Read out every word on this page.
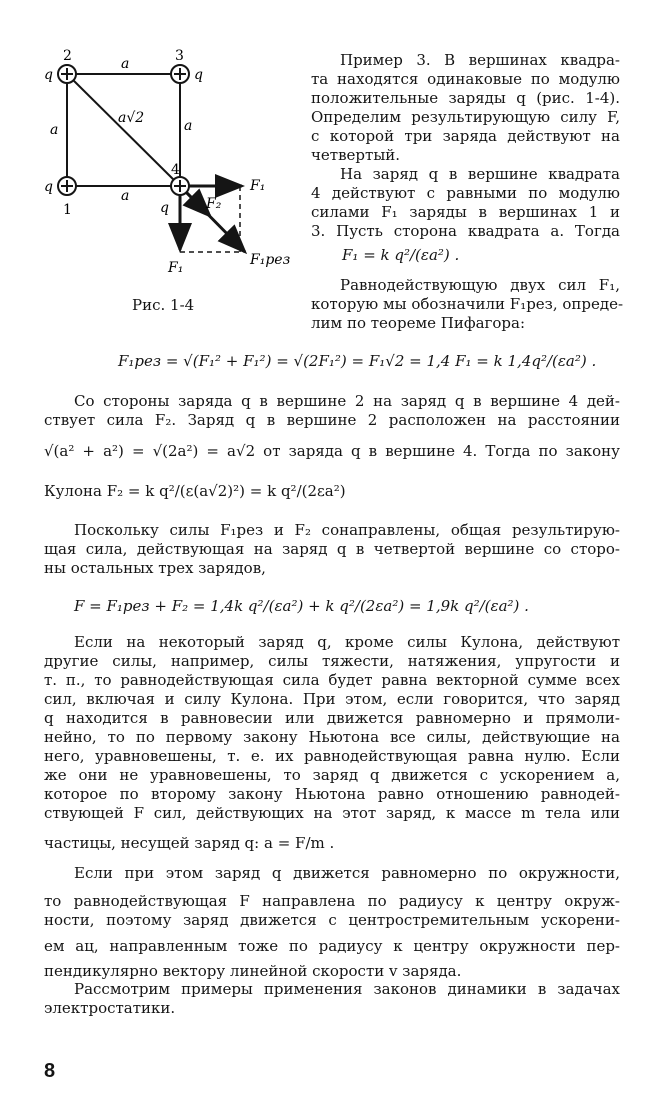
2	3
4
1
q	q
q
q
a
a	a
a
a√2
F₁
F₁
F₂
F₁рез
Рис. 1-4
Пример 3. В вершинах квадра-
та находятся одинаковые по модулю
положительные заряды q (рис. 1-4).
Определим результирующую силу F,
с которой три заряда действуют на
четвертый.
На заряд q в вершине квадрата
4 действуют с равными по модулю
силами F₁ заряды в вершинах 1 и
3. Пусть сторона квадрата a. Тогда
F₁ = k q²/(εa²) .
Равнодействующую двух сил F₁,
которую мы обозначили F₁рез, опреде-
лим по теореме Пифагора:
F₁рез = √(F₁² + F₁²) = √(2F₁²) = F₁√2 = 1,4 F₁ = k 1,4q²/(εa²) .
Со стороны заряда q в вершине 2 на заряд q в вершине 4 дей-
ствует сила F₂. Заряд q в вершине 2 расположен на расстоянии
√(a² + a²) = √(2a²) = a√2 от заряда q в вершине 4. Тогда по закону
Кулона F₂ = k q²/(ε(a√2)²) = k q²/(2εa²)
Поскольку силы F₁рез и F₂ сонаправлены, общая результирую-
щая сила, действующая на заряд q в четвертой вершине со сторо-
ны остальных трех зарядов,
F = F₁рез + F₂ = 1,4k q²/(εa²) + k q²/(2εa²) = 1,9k q²/(εa²) .
Если на некоторый заряд q, кроме силы Кулона, действуют
другие силы, например, силы тяжести, натяжения, упругости и
т. п., то равнодействующая сила будет равна векторной сумме всех
сил, включая и силу Кулона. При этом, если говорится, что заряд
q находится в равновесии или движется равномерно и прямоли-
нейно, то по первому закону Ньютона все силы, действующие на
него, уравновешены, т. е. их равнодействующая равна нулю. Если
же они не уравновешены, то заряд q движется с ускорением a,
которое по второму закону Ньютона равно отношению равнодей-
ствующей F сил, действующих на этот заряд, к массе m тела или
частицы, несущей заряд q: a = F/m .
Если при этом заряд q движется равномерно по окружности,
то равнодействующая F направлена по радиусу к центру окруж-
ности, поэтому заряд движется с центростремительным ускорени-
ем aц, направленным тоже по радиусу к центру окружности пер-
пендикулярно вектору линейной скорости v заряда.
Рассмотрим примеры применения законов динамики в задачах
электростатики.
8
